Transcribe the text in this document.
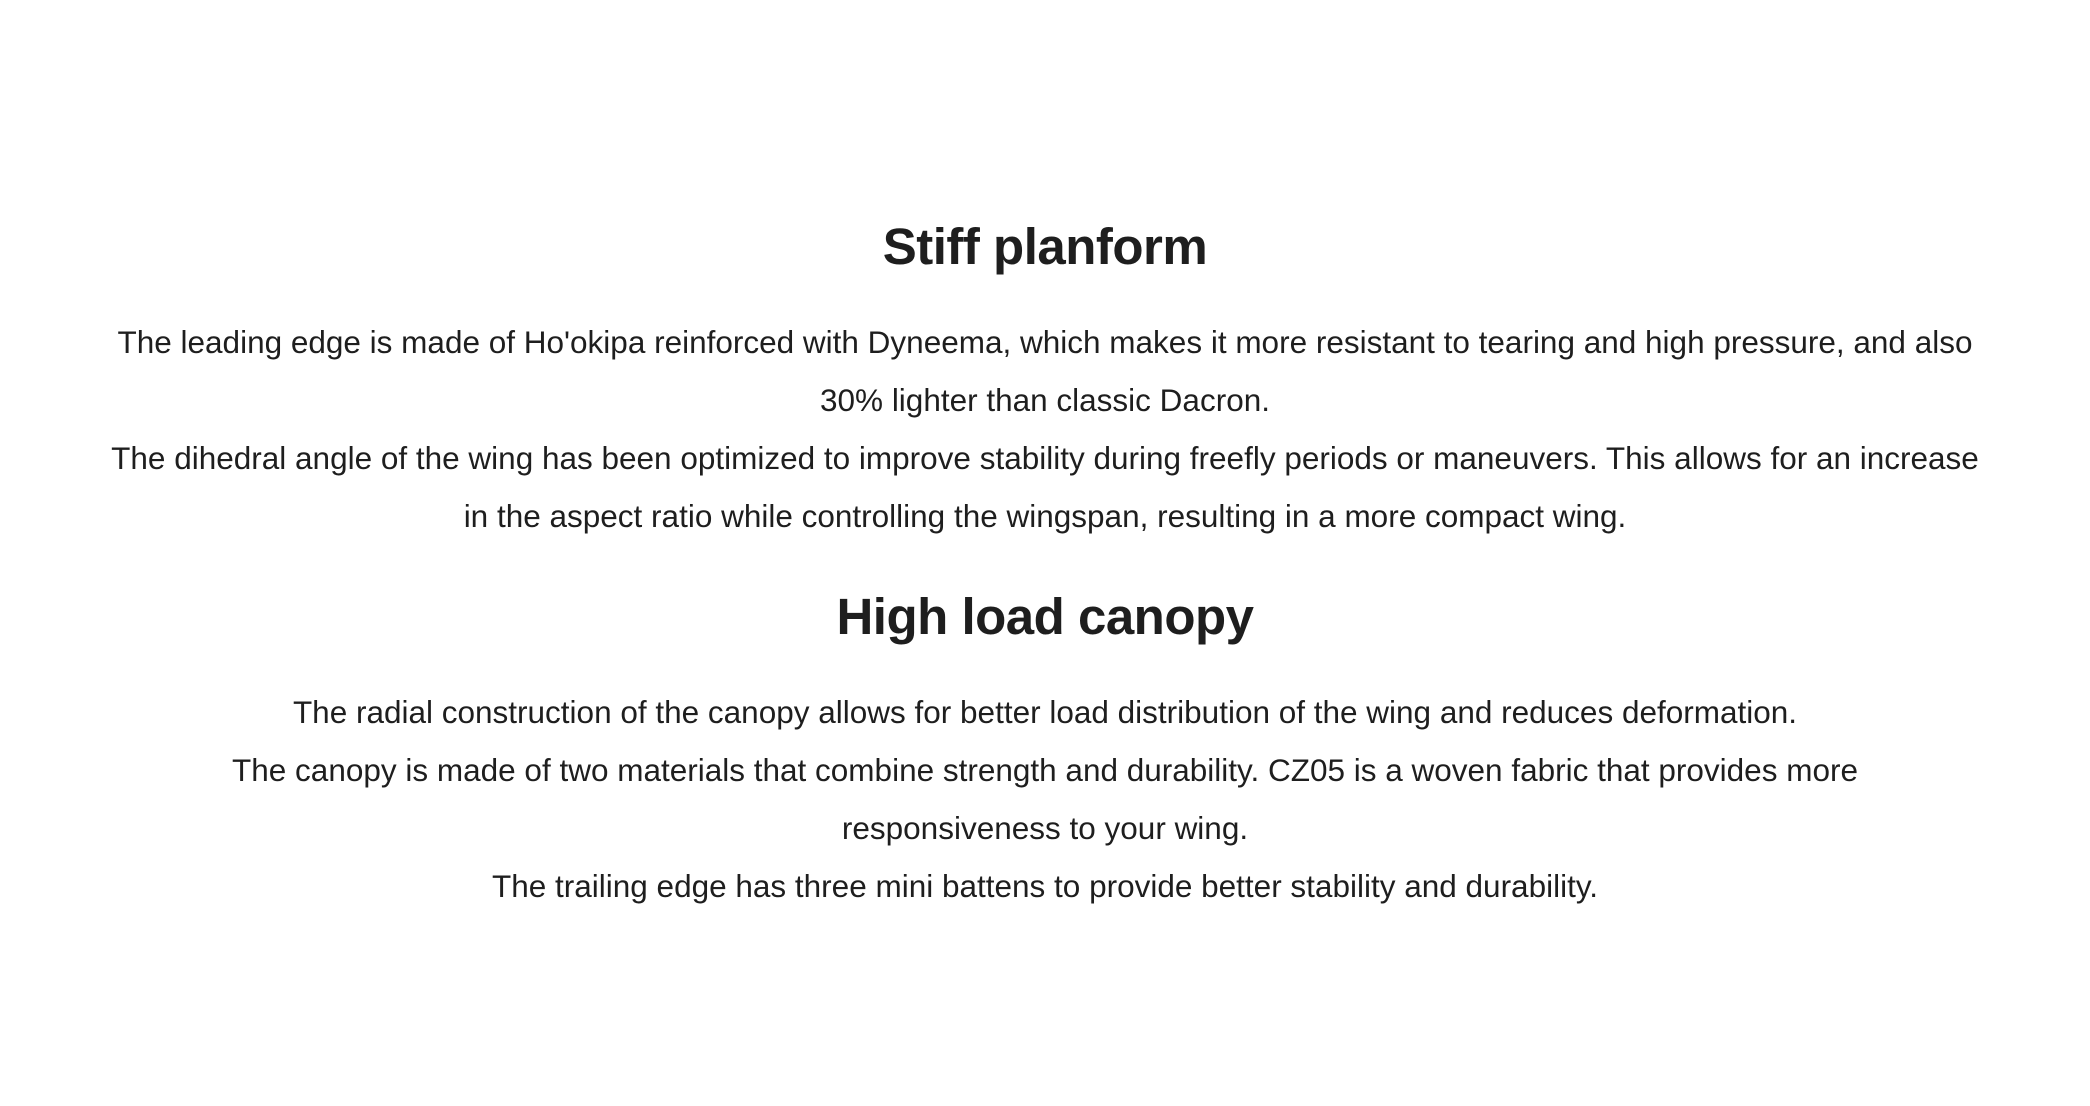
Stiff planform

The leading edge is made of Ho'okipa reinforced with Dyneema, which makes it more resistant to tearing and high pressure, and also 30% lighter than classic Dacron.

The dihedral angle of the wing has been optimized to improve stability during freefly periods or maneuvers. This allows for an increase in the aspect ratio while controlling the wingspan, resulting in a more compact wing.

High load canopy

The radial construction of the canopy allows for better load distribution of the wing and reduces deformation.

The canopy is made of two materials that combine strength and durability. CZ05 is a woven fabric that provides more responsiveness to your wing.

The trailing edge has three mini battens to provide better stability and durability.
